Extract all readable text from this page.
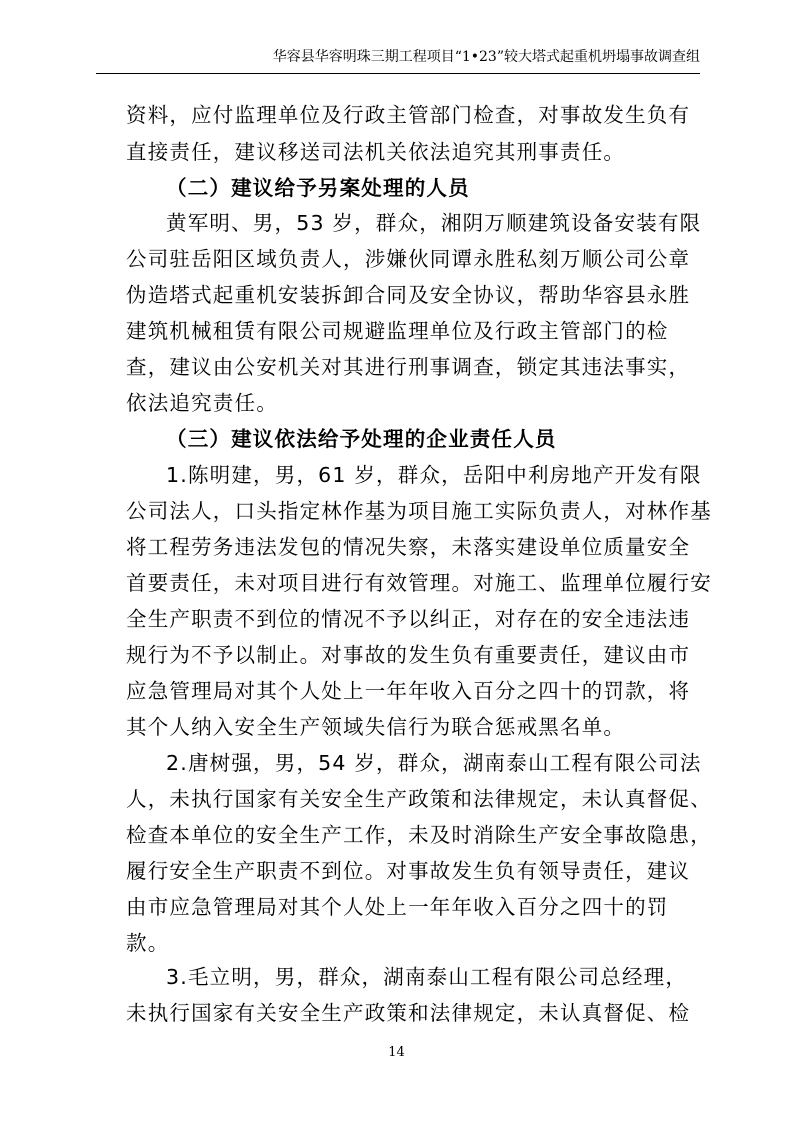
华容县华容明珠三期工程项目“1•23”较大塔式起重机坍塌事故调查组
资料，应付监理单位及行政主管部门检查，对事故发生负有
直接责任，建议移送司法机关依法追究其刑事责任。
（二）建议给予另案处理的人员
黄军明、男，53 岁，群众，湘阴万顺建筑设备安装有限
公司驻岳阳区域负责人，涉嫌伙同谭永胜私刻万顺公司公章
伪造塔式起重机安装拆卸合同及安全协议，帮助华容县永胜
建筑机械租赁有限公司规避监理单位及行政主管部门的检
查，建议由公安机关对其进行刑事调查，锁定其违法事实，
依法追究责任。
（三）建议依法给予处理的企业责任人员
1.陈明建，男，61 岁，群众，岳阳中利房地产开发有限
公司法人，口头指定林作基为项目施工实际负责人，对林作基
将工程劳务违法发包的情况失察，未落实建设单位质量安全
首要责任，未对项目进行有效管理。对施工、监理单位履行安
全生产职责不到位的情况不予以纠正，对存在的安全违法违
规行为不予以制止。对事故的发生负有重要责任，建议由市
应急管理局对其个人处上一年年收入百分之四十的罚款，将
其个人纳入安全生产领域失信行为联合惩戒黑名单。
2.唐树强，男，54 岁，群众，湖南泰山工程有限公司法
人，未执行国家有关安全生产政策和法律规定，未认真督促、
检查本单位的安全生产工作，未及时消除生产安全事故隐患，
履行安全生产职责不到位。对事故发生负有领导责任，建议
由市应急管理局对其个人处上一年年收入百分之四十的罚
款。
3.毛立明，男，群众，湖南泰山工程有限公司总经理，
未执行国家有关安全生产政策和法律规定，未认真督促、检
14
